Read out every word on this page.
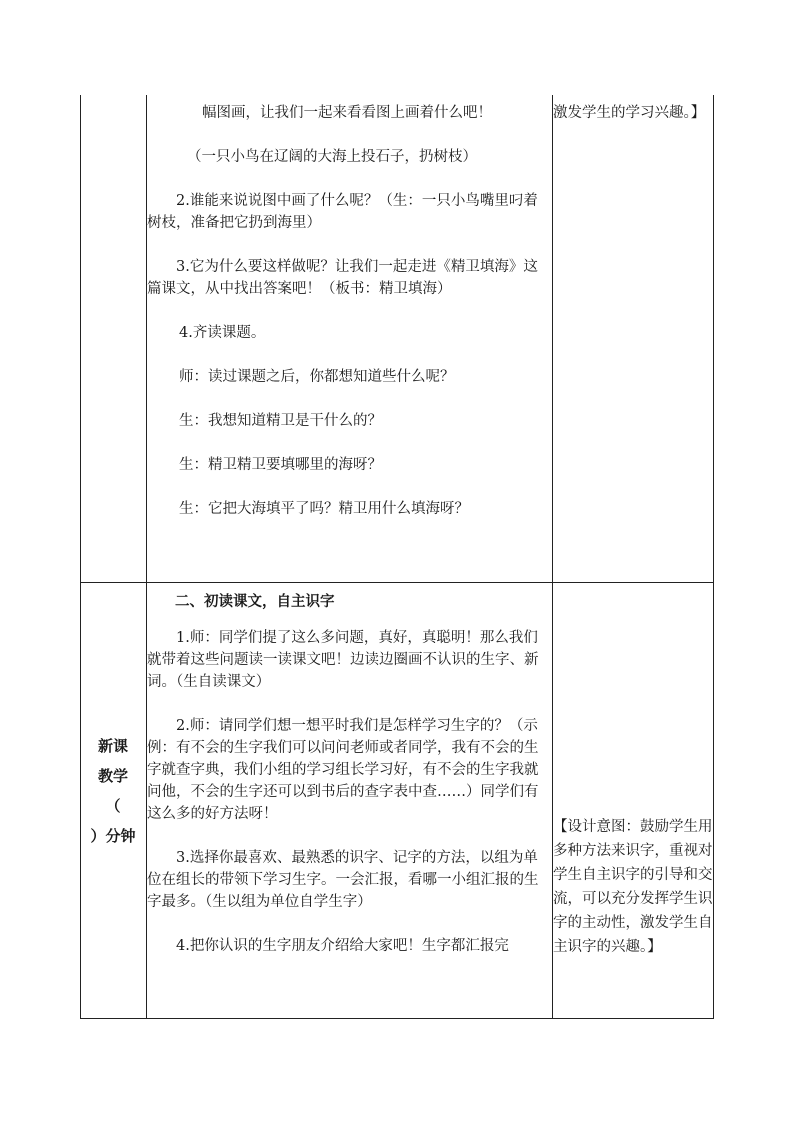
幅图画，让我们一起来看看图上画着什么吧！

（一只小鸟在辽阔的大海上投石子，扔树枝）

2.谁能来说说图中画了什么呢？（生：一只小鸟嘴里叼着树枝，准备把它扔到海里）

3.它为什么要这样做呢？让我们一起走进《精卫填海》这篇课文，从中找出答案吧！（板书：精卫填海）

4.齐读课题。

师：读过课题之后，你都想知道些什么呢？

生：我想知道精卫是干什么的？

生：精卫精卫要填哪里的海呀？

生：它把大海填平了吗？精卫用什么填海呀？

激发学生的学习兴趣。】
新课
教学
（
）分钟

二、初读课文，自主识字

1.师：同学们提了这么多问题，真好，真聪明！那么我们就带着这些问题读一读课文吧！边读边圈画不认识的生字、新词。（生自读课文）

2.师：请同学们想一想平时我们是怎样学习生字的？（示例：有不会的生字我们可以问问老师或者同学，我有不会的生字就查字典，我们小组的学习组长学习好，有不会的生字我就问他，不会的生字还可以到书后的查字表中查……）同学们有这么多的好方法呀！

3.选择你最喜欢、最熟悉的识字、记字的方法，以组为单位在组长的带领下学习生字。一会汇报，看哪一小组汇报的生字最多。（生以组为单位自学生字）

4.把你认识的生字朋友介绍给大家吧！生字都汇报完

【设计意图：鼓励学生用多种方法来识字，重视对学生自主识字的引导和交流，可以充分发挥学生识字的主动性，激发学生自主识字的兴趣。】
